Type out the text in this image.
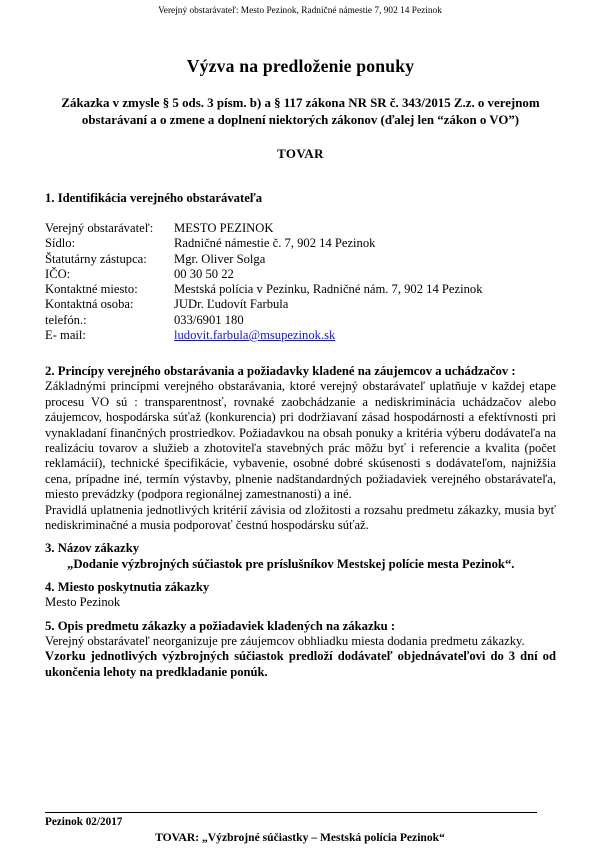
Verejný obstarávateľ: Mesto Pezinok, Radničné námestie 7, 902 14 Pezinok
Výzva na predloženie ponuky
Zákazka v zmysle § 5 ods. 3 písm. b) a § 117 zákona NR SR č. 343/2015 Z.z. o verejnom obstarávaní a o zmene a doplnení niektorých zákonov (ďalej len “zákon o VO”)
TOVAR
1. Identifikácia verejného obstarávateľa
Verejný obstarávateľ:	MESTO PEZINOK
Sídlo:	Radničné námestie č. 7, 902 14 Pezinok
Štatutárny zástupca:	Mgr. Oliver Solga
IČO:	00 30 50 22
Kontaktné miesto:	Mestská polícia v Pezinku, Radničné nám. 7, 902 14 Pezinok
Kontaktná osoba:	JUDr. Ľudovít Farbula
telefón.:	033/6901 180
E- mail:	ludovit.farbula@msupezinok.sk
2. Princípy verejného obstarávania a požiadavky kladené na záujemcov a uchádzačov :

Základnými princípmi verejného obstarávania, ktoré verejný obstarávateľ uplatňuje v každej etape procesu VO sú : transparentnosť, rovnaké zaobchádzanie a nediskriminácia uchádzačov alebo záujemcov, hospodárska súťaž (konkurencia) pri dodržiavaní zásad hospodárnosti a efektívnosti pri vynakladaní finančných prostriedkov. Požiadavkou na obsah ponuky a kritéria výberu dodávateľa na realizáciu tovarov a služieb a zhotoviteľa stavebných prác môžu byť i referencie a kvalita (počet reklamácií), technické špecifikácie, vybavenie, osobné dobré skúsenosti s dodávateľom, najnižšia cena, prípadne iné, termín výstavby, plnenie nadštandardných požiadaviek verejného obstarávateľa, miesto prevádzky (podpora regionálnej zamestnanosti) a iné.

Pravidlá uplatnenia jednotlivých kritérií závisia od zložitosti a rozsahu predmetu zákazky, musia byť nediskriminačné a musia podporovať čestnú hospodársku súťaž.

3. Názov zákazky
„Dodanie výzbrojných súčiastok pre príslušníkov Mestskej polície mesta Pezinok“.
4. Miesto poskytnutia zákazky

Mesto Pezinok

5. Opis predmetu zákazky a požiadaviek kladených na zákazku :

Verejný obstarávateľ neorganizuje pre záujemcov obhliadku miesta dodania predmetu zákazky.

Vzorku jednotlivých výzbrojných súčiastok predloží dodávateľ objednávateľovi do 3 dní od ukončenia lehoty na predkladanie ponúk.

Pezinok 02/2017
TOVAR: „Výzbrojné súčiastky – Mestská polícia Pezinok“
